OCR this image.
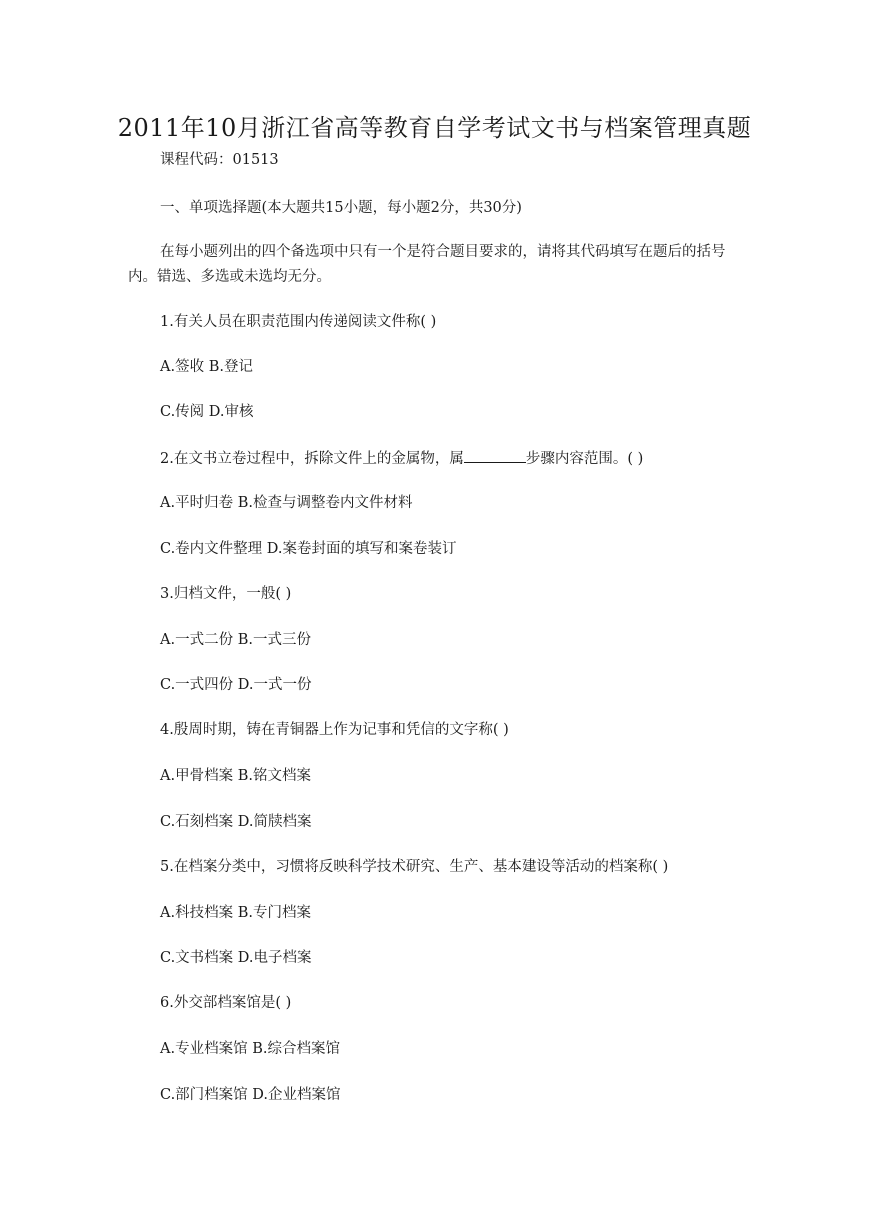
2011年10月浙江省高等教育自学考试文书与档案管理真题
课程代码：01513
一、单项选择题(本大题共15小题，每小题2分，共30分)
在每小题列出的四个备选项中只有一个是符合题目要求的，请将其代码填写在题后的括号内。错选、多选或未选均无分。
1.有关人员在职责范围内传递阅读文件称( )
A.签收 B.登记
C.传阅 D.审核
2.在文书立卷过程中，拆除文件上的金属物，属	步骤内容范围。( )
A.平时归卷 B.检查与调整卷内文件材料
C.卷内文件整理 D.案卷封面的填写和案卷装订
3.归档文件，一般( )
A.一式二份 B.一式三份
C.一式四份 D.一式一份
4.殷周时期，铸在青铜器上作为记事和凭信的文字称( )
A.甲骨档案 B.铭文档案
C.石刻档案 D.简牍档案
5.在档案分类中，习惯将反映科学技术研究、生产、基本建设等活动的档案称( )
A.科技档案 B.专门档案
C.文书档案 D.电子档案
6.外交部档案馆是( )
A.专业档案馆 B.综合档案馆
C.部门档案馆 D.企业档案馆
